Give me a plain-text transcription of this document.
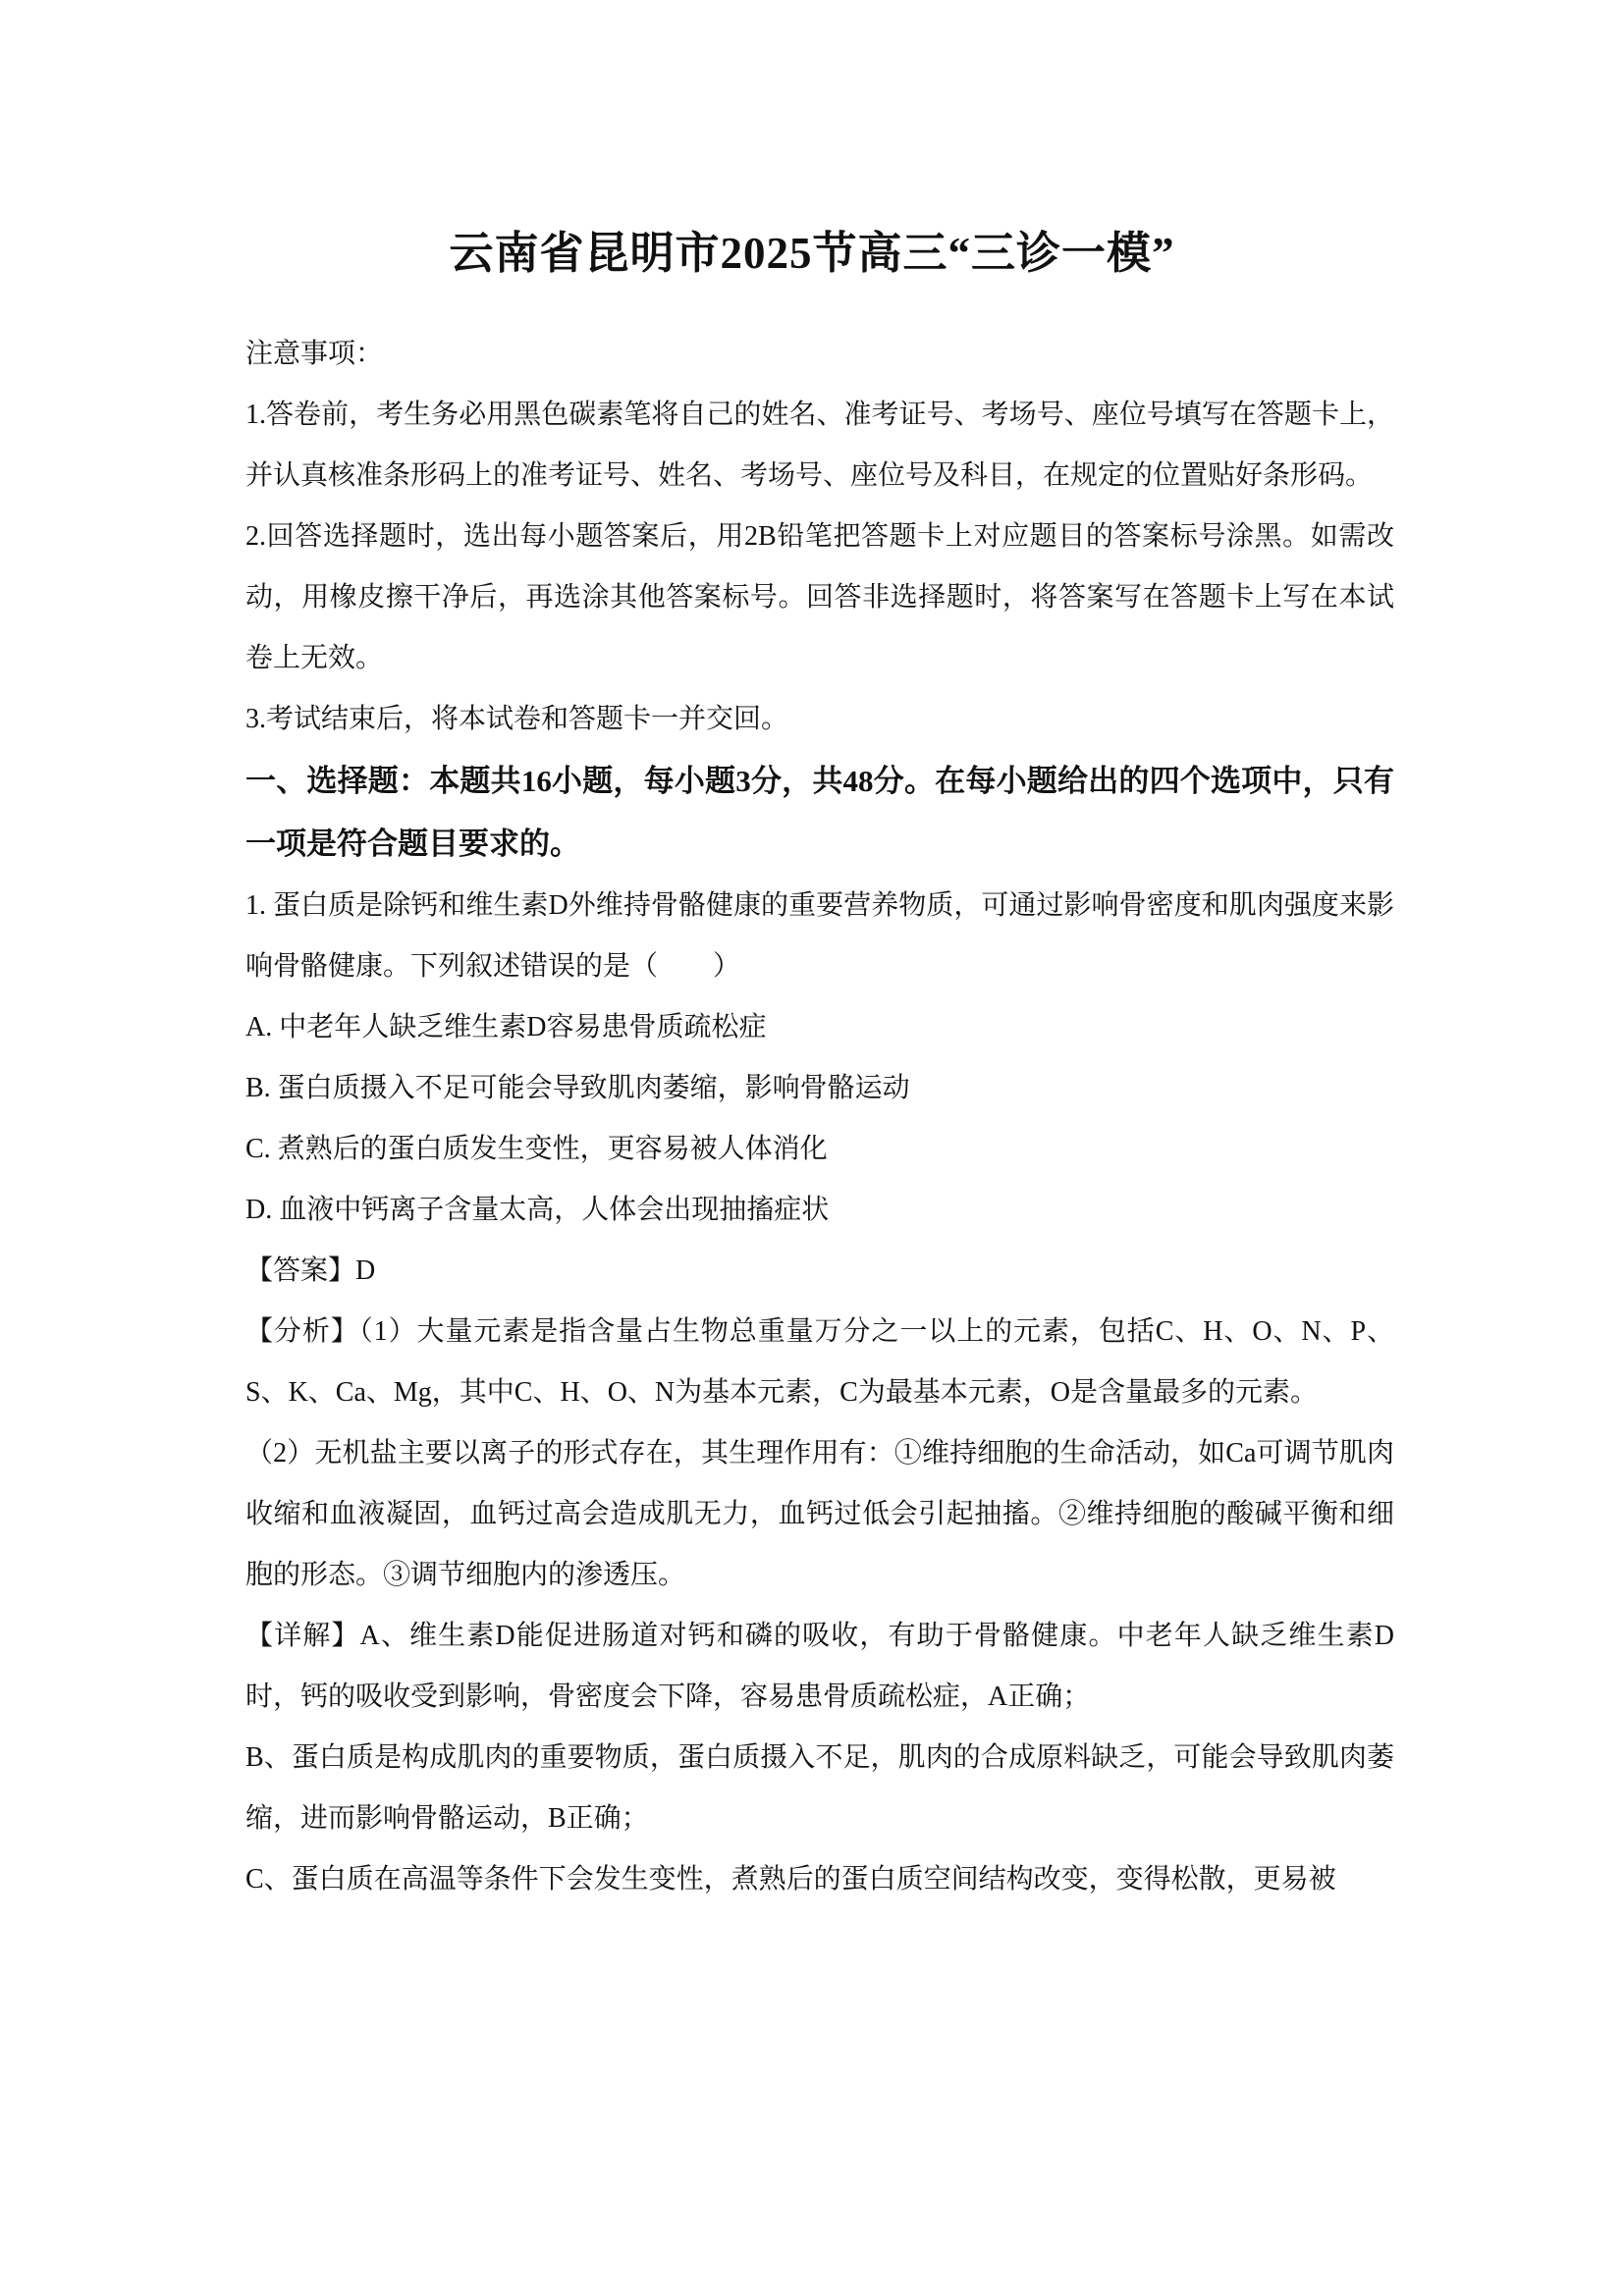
云南省昆明市2025节高三“三诊一模”

注意事项：

1.答卷前，考生务必用黑色碳素笔将自己的姓名、准考证号、考场号、座位号填写在答题卡上，并认真核准条形码上的准考证号、姓名、考场号、座位号及科目，在规定的位置贴好条形码。

2.回答选择题时，选出每小题答案后，用2B铅笔把答题卡上对应题目的答案标号涂黑。如需改动，用橡皮擦干净后，再选涂其他答案标号。回答非选择题时，将答案写在答题卡上写在本试卷上无效。

3.考试结束后，将本试卷和答题卡一并交回。

一、选择题：本题共16小题，每小题3分，共48分。在每小题给出的四个选项中，只有一项是符合题目要求的。

1. 蛋白质是除钙和维生素D外维持骨骼健康的重要营养物质，可通过影响骨密度和肌肉强度来影响骨骼健康。下列叙述错误的是（　　）

A. 中老年人缺乏维生素D容易患骨质疏松症

B. 蛋白质摄入不足可能会导致肌肉萎缩，影响骨骼运动

C. 煮熟后的蛋白质发生变性，更容易被人体消化

D. 血液中钙离子含量太高，人体会出现抽搐症状

【答案】D

【分析】（1）大量元素是指含量占生物总重量万分之一以上的元素，包括C、H、O、N、P、S、K、Ca、Mg，其中C、H、O、N为基本元素，C为最基本元素，O是含量最多的元素。

（2）无机盐主要以离子的形式存在，其生理作用有：①维持细胞的生命活动，如Ca可调节肌肉收缩和血液凝固，血钙过高会造成肌无力，血钙过低会引起抽搐。②维持细胞的酸碱平衡和细胞的形态。③调节细胞内的渗透压。

【详解】A、维生素D能促进肠道对钙和磷的吸收，有助于骨骼健康。中老年人缺乏维生素D时，钙的吸收受到影响，骨密度会下降，容易患骨质疏松症，A正确；

B、蛋白质是构成肌肉的重要物质，蛋白质摄入不足，肌肉的合成原料缺乏，可能会导致肌肉萎缩，进而影响骨骼运动，B正确；

C、蛋白质在高温等条件下会发生变性，煮熟后的蛋白质空间结构改变，变得松散，更易被
